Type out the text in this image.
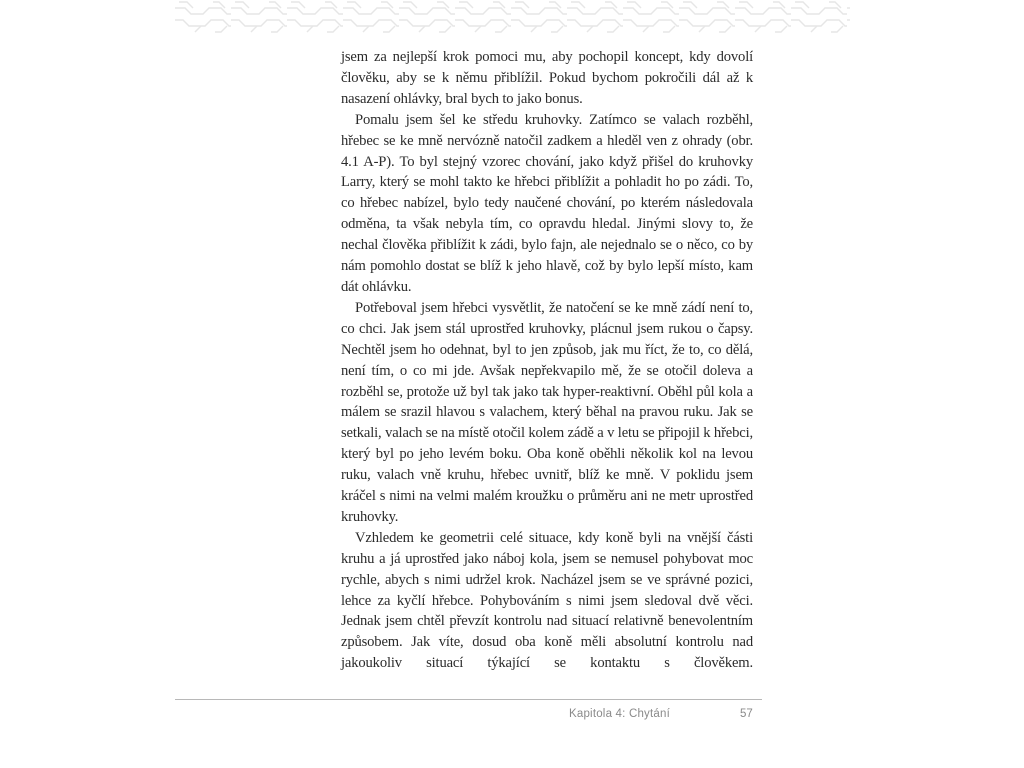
jsem za nejlepší krok pomoci mu, aby pochopil koncept, kdy dovolí člověku, aby se k němu přiblížil. Pokud bychom pokročili dál až k nasazení ohlávky, bral bych to jako bonus.

Pomalu jsem šel ke středu kruhovky. Zatímco se valach rozběhl, hřebec se ke mně nervózně natočil zadkem a hleděl ven z ohrady (obr. 4.1 A-P). To byl stejný vzorec chování, jako když přišel do kruhovky Larry, který se mohl takto ke hřebci přiblížit a pohladit ho po zádi. To, co hřebec nabízel, bylo tedy naučené chování, po kterém následovala odměna, ta však nebyla tím, co opravdu hledal. Jinými slovy to, že nechal člověka přiblížit k zádi, bylo fajn, ale nejednalo se o něco, co by nám pomohlo dostat se blíž k jeho hlavě, což by bylo lepší místo, kam dát ohlávku.

Potřeboval jsem hřebci vysvětlit, že natočení se ke mně zádí není to, co chci. Jak jsem stál uprostřed kruhovky, plácnul jsem rukou o čapsy. Nechtěl jsem ho odehnat, byl to jen způsob, jak mu říct, že to, co dělá, není tím, o co mi jde. Avšak nepřekvapilo mě, že se otočil doleva a rozběhl se, protože už byl tak jako tak hyper-reaktivní. Oběhl půl kola a málem se srazil hlavou s valachem, který běhal na pravou ruku. Jak se setkali, valach se na místě otočil kolem zádě a v letu se připojil k hřebci, který byl po jeho levém boku. Oba koně oběhli několik kol na levou ruku, valach vně kruhu, hřebec uvnitř, blíž ke mně. V poklidu jsem kráčel s nimi na velmi malém kroužku o průměru ani ne metr uprostřed kruhovky.

Vzhledem ke geometrii celé situace, kdy koně byli na vnější části kruhu a já uprostřed jako náboj kola, jsem se nemusel pohybovat moc rychle, abych s nimi udržel krok. Nacházel jsem se ve správné pozici, lehce za kyčlí hřebce. Pohybováním s nimi jsem sledoval dvě věci. Jednak jsem chtěl převzít kontrolu nad situací relativně benevolentním způsobem. Jak víte, dosud oba koně měli absolutní kontrolu nad jakoukoliv situací týkající se kontaktu s člověkem.

Kapitola 4: Chytání	57
